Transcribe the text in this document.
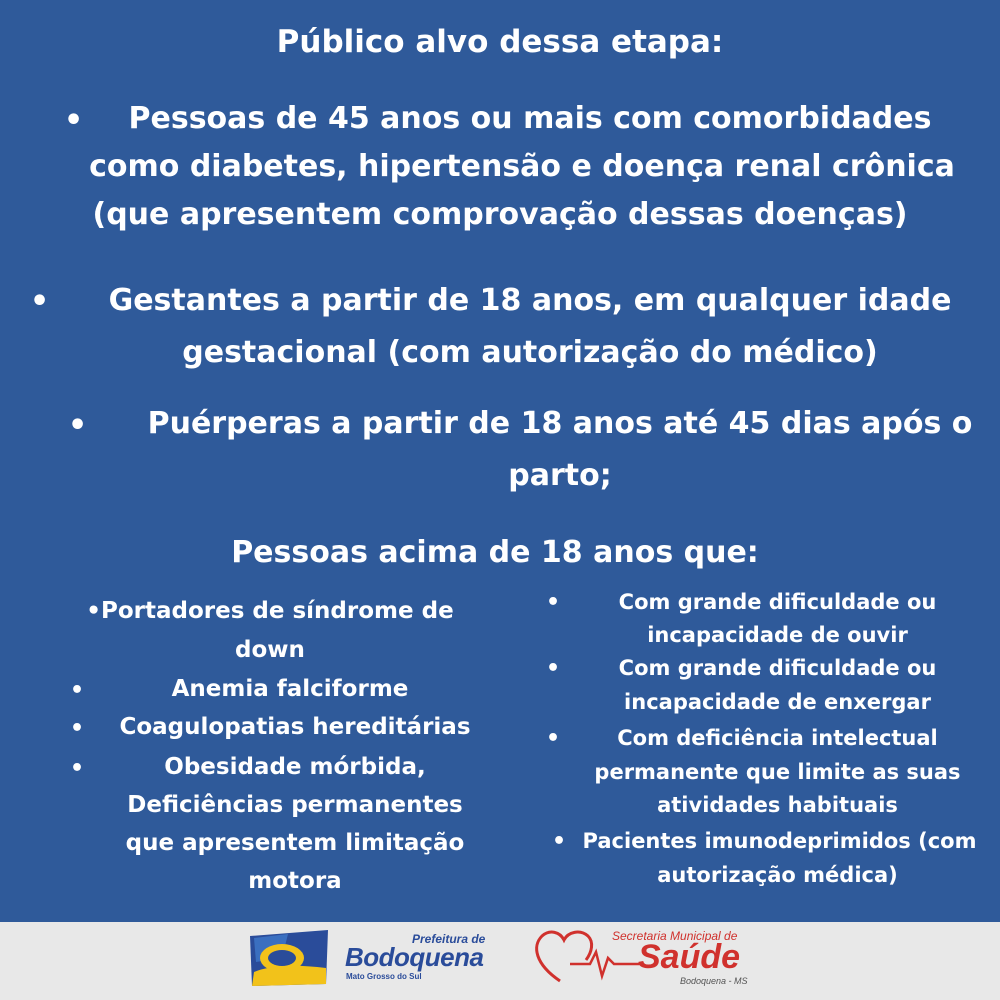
Público alvo dessa etapa:
•	Pessoas de 45 anos ou mais com comorbidades
como diabetes, hipertensão e doença renal crônica
(que apresentem comprovação dessas doenças)
•	Gestantes a partir de 18 anos, em qualquer idade
gestacional (com autorização do médico)
•	Puérperas a partir de 18 anos até 45 dias após o
parto;
Pessoas acima de 18 anos que:
•Portadores de síndrome de
down
•	Anemia falciforme
•	Coagulopatias hereditárias
•	Obesidade mórbida,
Deficiências permanentes
que apresentem limitação
motora
•	Com grande dificuldade ou
incapacidade de ouvir
•	Com grande dificuldade ou
incapacidade de enxergar
•	Com deficiência intelectual
permanente que limite as suas
atividades habituais
• Pacientes imunodeprimidos (com
autorização médica)
Prefeitura de
Bodoquena
Mato Grosso do Sul
Secretaria Municipal de
Saúde
Bodoquena - MS
